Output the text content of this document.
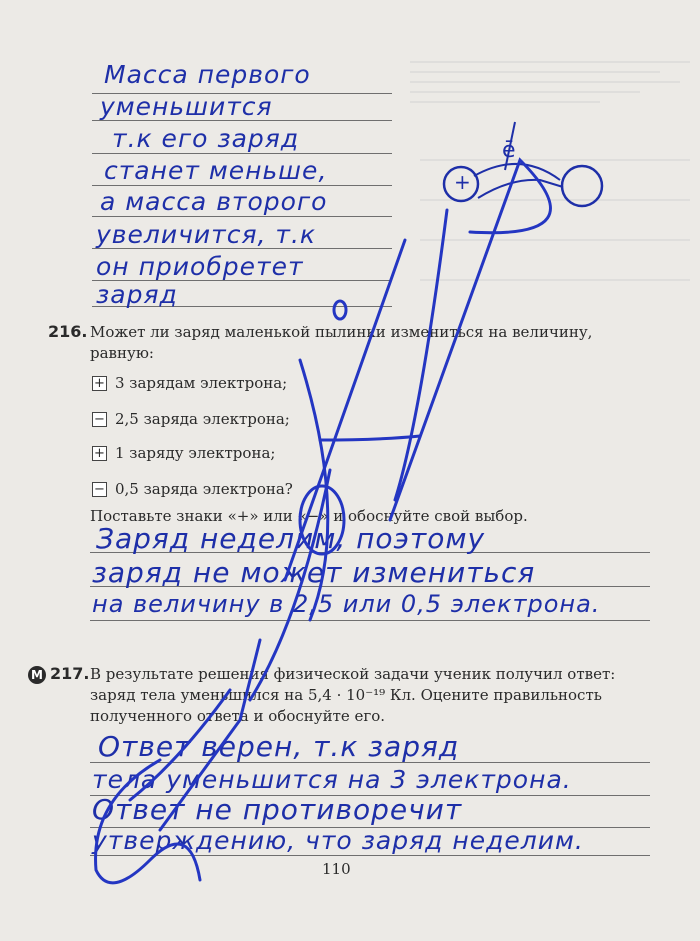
Масса первого
уменьшится
т.к его заряд
станет меньше,
а масса второго
увеличится, т.к
он приобретет
заряд
+
ē
216. Может ли заряд маленькой пылинки измениться на величину,
равную:
+ 3 зарядам электрона;
− 2,5 заряда электрона;
+ 1 заряду электрона;
− 0,5 заряда электрона?
Поставьте знаки «+» или «−» и обоснуйте свой выбор.
Заряд неделим, поэтому
заряд не может измениться
на величину в 2,5 или 0,5 электрона.
М 217. В результате решения физической задачи ученик получил ответ:
заряд тела уменьшился на 5,4 · 10⁻¹⁹ Кл. Оцените правильность
полученного ответа и обоснуйте его.
Ответ верен, т.к заряд
тела уменьшится на 3 электрона.
Ответ не противоречит
утверждению, что заряд неделим.
110
